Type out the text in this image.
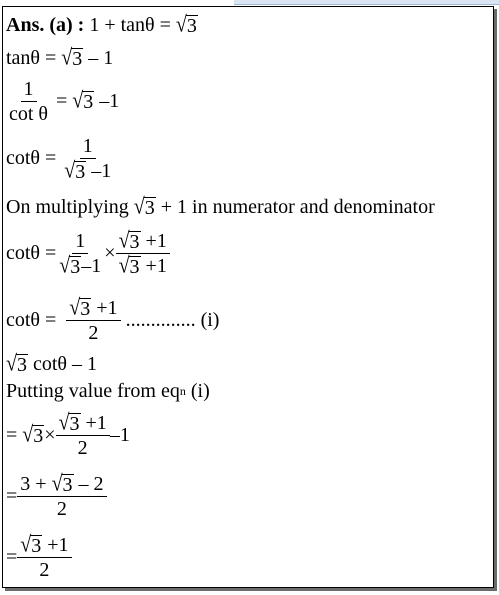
Ans. (a) : 1 + tanθ = √ 3
tanθ = √ 3 – 1
$\frac{1}{\text{cot θ}}$ = √ 3 –1
$\cot\theta = \frac{1}{√ 3 -1}$
On multiplying √ 3 + 1 in numerator and denominator
$\cot\theta = \frac{1}{√ 3 -1} \times \frac{√ 3 +1}{√ 3 +1}$
$\cot\theta = \frac{√ 3 +1}{2}$ .............. (i)
√ 3 cotθ – 1
Putting value from eq n (i)
= √ $3 \times \frac{√ 3 +1}{2} -1$
= $\frac{3 + √ 3 - 2}{2}$
= $\frac{√ 3 +1}{2}$
